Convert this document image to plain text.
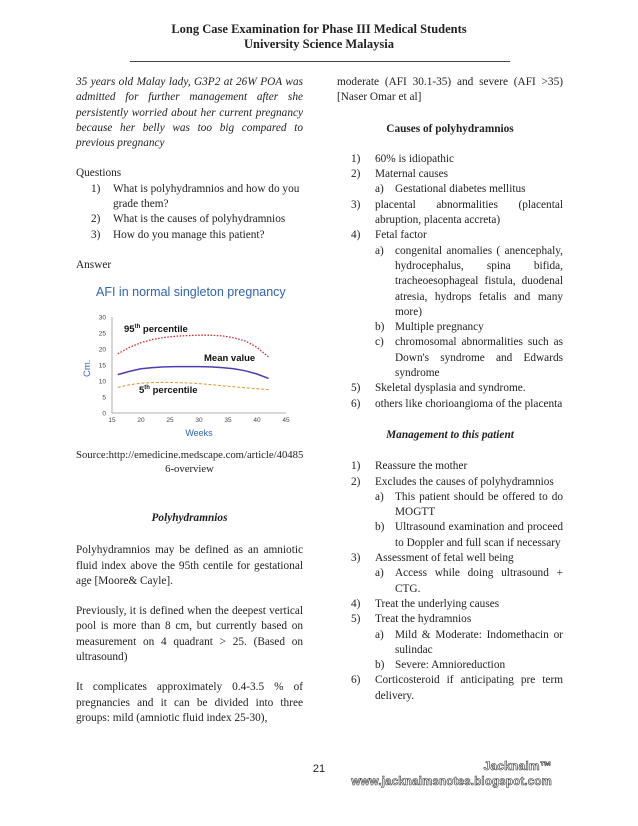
Long Case Examination for Phase III Medical Students
University Science Malaysia

35 years old Malay lady, G3P2 at 26W POA was admitted for further management after she persistently worried about her current pregnancy because her belly was too big compared to previous pregnancy

Questions

1) What is polyhydramnios and how do you grade them?
2) What is the causes of polyhydramnios
3) How do you manage this patient?

Answer

AFI in normal singleton pregnancy
0
5
10
15
20
25
30
15	20	25	30	35	40	45
Cm.
Weeks
95th percentile
Mean value
5th percentile

Source:http://emedicine.medscape.com/article/40485 6-overview

Polyhydramnios

Polyhydramnios may be defined as an amniotic fluid index above the 95th centile for gestational age [Moore& Cayle].

Previously, it is defined when the deepest vertical pool is more than 8 cm, but currently based on measurement on 4 quadrant > 25. (Based on ultrasound)

It complicates approximately 0.4-3.5 % of pregnancies and it can be divided into three groups: mild (amniotic fluid index 25-30),

moderate (AFI 30.1-35) and severe (AFI >35) [Naser Omar et al]

Causes of polyhydramnios

1) 60% is idiopathic
2) Maternal causes
a) Gestational diabetes mellitus
3) placental abnormalities (placental abruption, placenta accreta)
4) Fetal factor
a) congenital anomalies ( anencephaly, hydrocephalus, spina bifida, tracheoesophageal fistula, duodenal atresia, hydrops fetalis and many more)
b) Multiple pregnancy
c) chromosomal abnormalities such as Down's syndrome and Edwards syndrome
5) Skeletal dysplasia and syndrome.
6) others like chorioangioma of the placenta

Management to this patient

1) Reassure the mother
2) Excludes the causes of polyhydramnios
a) This patient should be offered to do MOGTT
b) Ultrasound examination and proceed to Doppler and full scan if necessary
3) Assessment of fetal well being
a) Access while doing ultrasound + CTG.
4) Treat the underlying causes
5) Treat the hydramnios
a) Mild & Moderate: Indomethacin or sulindac
b) Severe: Amnioreduction
6) Corticosteroid if anticipating pre term delivery.
21	Jacknaim™
www.jacknaimsnotes.blogspot.com
